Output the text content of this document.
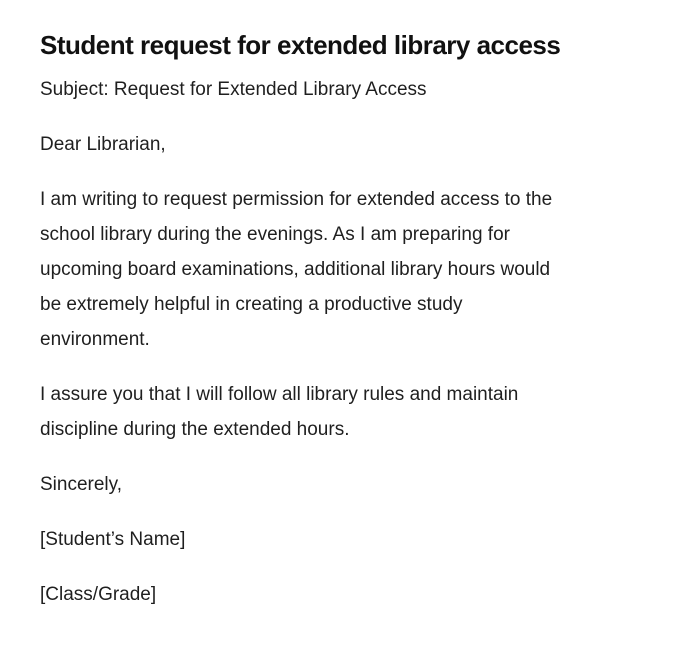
Student request for extended library access
Subject: Request for Extended Library Access
Dear Librarian,
I am writing to request permission for extended access to the
school library during the evenings. As I am preparing for
upcoming board examinations, additional library hours would
be extremely helpful in creating a productive study
environment.
I assure you that I will follow all library rules and maintain
discipline during the extended hours.
Sincerely,
[Student’s Name]
[Class/Grade]
